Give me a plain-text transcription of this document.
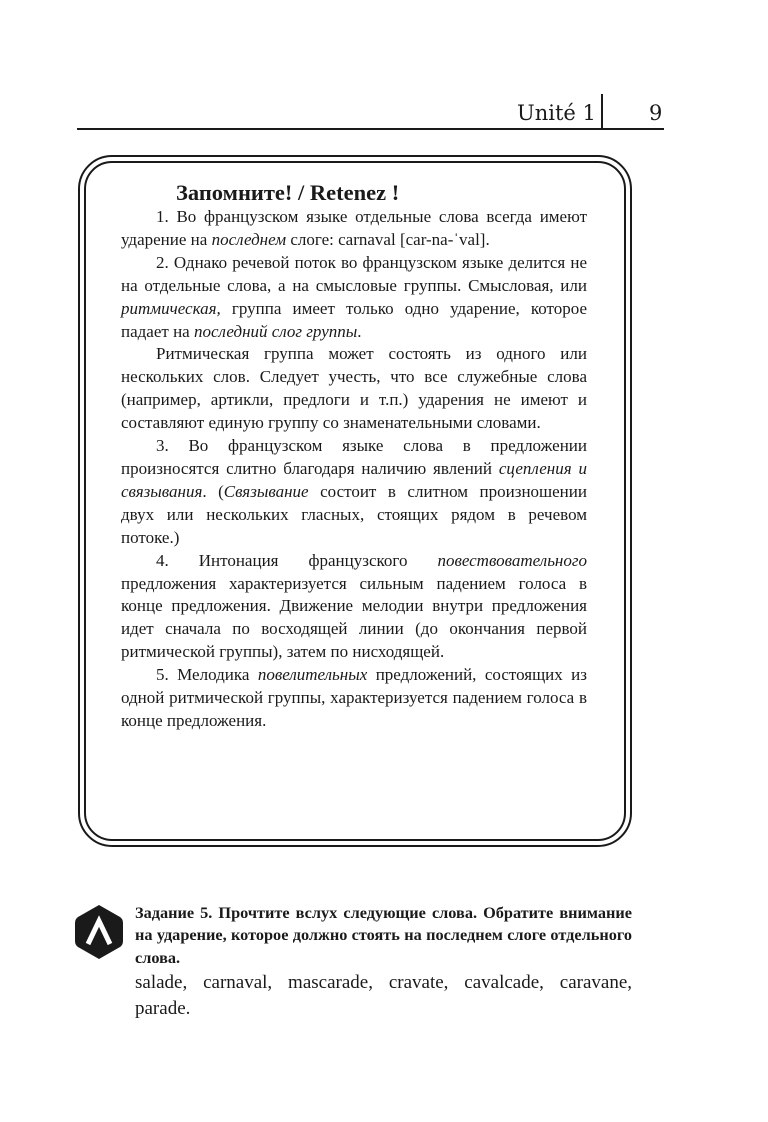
Unité 1	9
Запомните! / Retenez !

1. Во французском языке отдельные слова всегда имеют ударение на последнем слоге: carnaval [car-na-ˈval].

2. Однако речевой поток во французском языке делится не на отдельные слова, а на смысловые группы. Смысловая, или ритмическая, группа имеет только одно ударение, которое падает на последний слог группы.

Ритмическая группа может состоять из одного или нескольких слов. Следует учесть, что все служебные слова (например, артикли, предлоги и т.п.) ударения не имеют и составляют единую группу со знаменательными словами.

3. Во французском языке слова в предложении произносятся слитно благодаря наличию явлений сцепления и связывания. (Связывание состоит в слитном произношении двух или нескольких гласных, стоящих рядом в речевом потоке.)

4. Интонация французского повествовательного предложения характеризуется сильным падением голоса в конце предложения. Движение мелодии внутри предложения идет сначала по восходящей линии (до окончания первой ритмической группы), затем по нисходящей.

5. Мелодика повелительных предложений, состоящих из одной ритмической группы, характеризуется падением голоса в конце предложения.

Задание 5. Прочтите вслух следующие слова. Обратите внимание на ударение, которое должно стоять на последнем слоге отдельного слова.
salade, carnaval, mascarade, cravate, cavalcade, caravane, parade.
